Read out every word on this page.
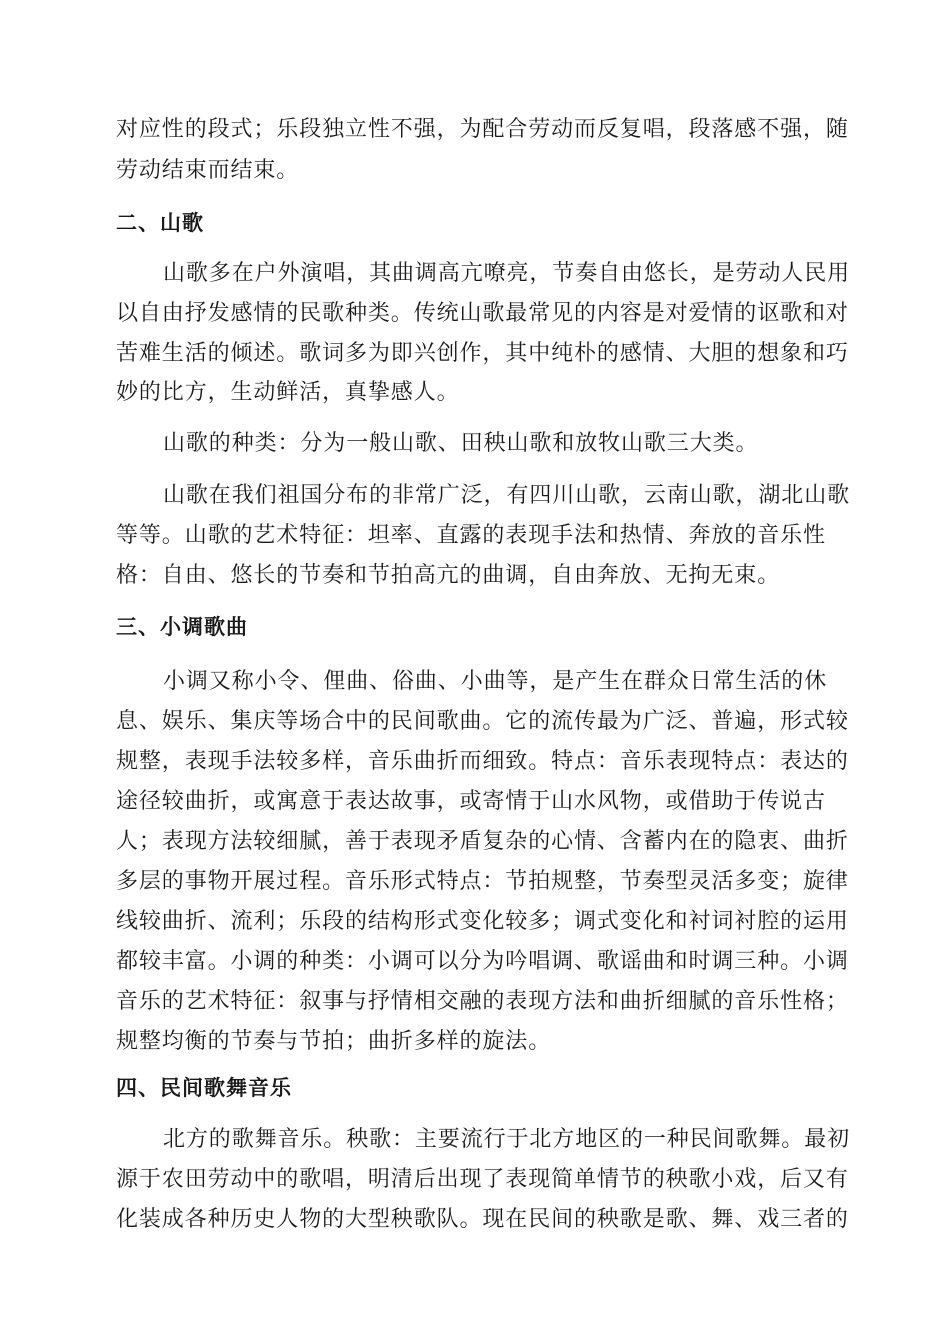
对应性的段式；乐段独立性不强，为配合劳动而反复唱，段落感不强，随
劳动结束而结束。
二、山歌
山歌多在户外演唱，其曲调高亢嘹亮，节奏自由悠长，是劳动人民用
以自由抒发感情的民歌种类。传统山歌最常见的内容是对爱情的讴歌和对
苦难生活的倾述。歌词多为即兴创作，其中纯朴的感情、大胆的想象和巧
妙的比方，生动鲜活，真挚感人。
山歌的种类：分为一般山歌、田秧山歌和放牧山歌三大类。
山歌在我们祖国分布的非常广泛，有四川山歌，云南山歌，湖北山歌
等等。山歌的艺术特征：坦率、直露的表现手法和热情、奔放的音乐性
格：自由、悠长的节奏和节拍高亢的曲调，自由奔放、无拘无束。
三、小调歌曲
小调又称小令、俚曲、俗曲、小曲等，是产生在群众日常生活的休
息、娱乐、集庆等场合中的民间歌曲。它的流传最为广泛、普遍，形式较
规整，表现手法较多样，音乐曲折而细致。特点：音乐表现特点：表达的
途径较曲折，或寓意于表达故事，或寄情于山水风物，或借助于传说古
人；表现方法较细腻，善于表现矛盾复杂的心情、含蓄内在的隐衷、曲折
多层的事物开展过程。音乐形式特点：节拍规整，节奏型灵活多变；旋律
线较曲折、流利；乐段的结构形式变化较多；调式变化和衬词衬腔的运用
都较丰富。小调的种类：小调可以分为吟唱调、歌谣曲和时调三种。小调
音乐的艺术特征：叙事与抒情相交融的表现方法和曲折细腻的音乐性格；
规整均衡的节奏与节拍；曲折多样的旋法。
四、民间歌舞音乐
北方的歌舞音乐。秧歌：主要流行于北方地区的一种民间歌舞。最初
源于农田劳动中的歌唱，明清后出现了表现简单情节的秧歌小戏，后又有
化装成各种历史人物的大型秧歌队。现在民间的秧歌是歌、舞、戏三者的
